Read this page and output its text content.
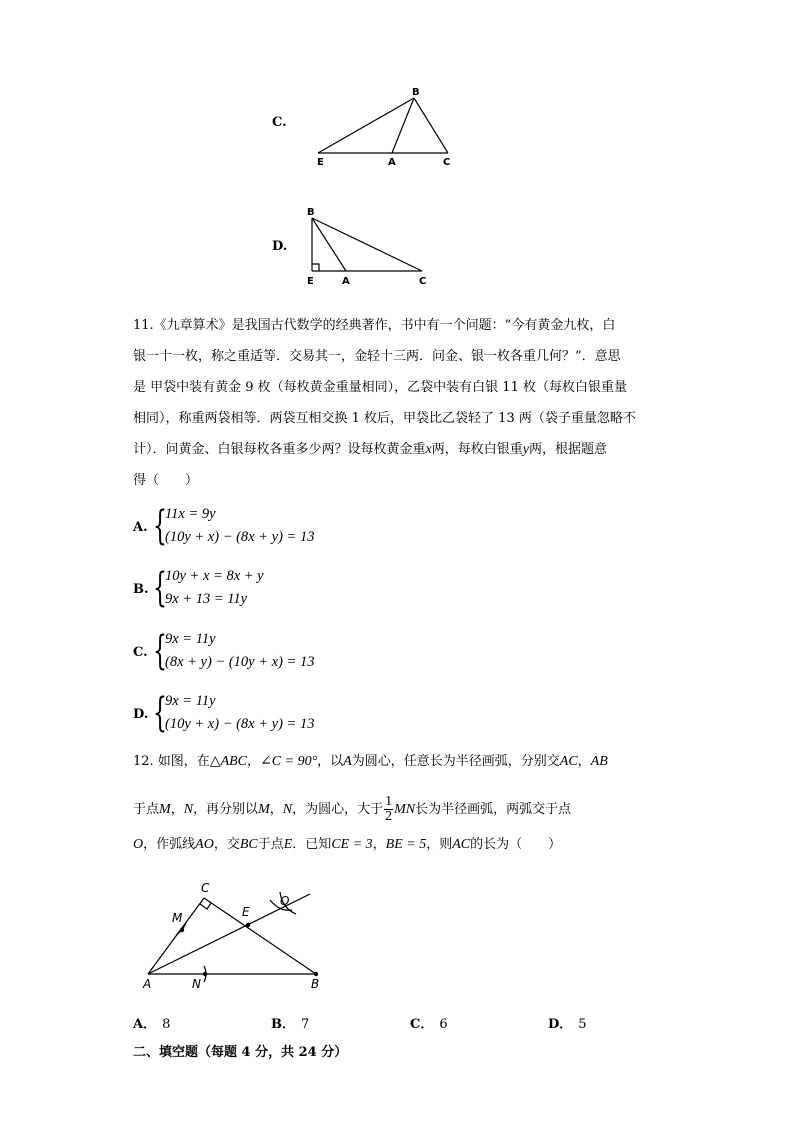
C.
B
E	A	C
D.
B
E	A	C
11.《九章算术》是我国古代数学的经典著作，书中有一个问题：“今有黄金九枚，白
银一十一枚，称之重适等．交易其一，金轻十三两．问金、银一枚各重几何？”．意思
是 甲袋中装有黄金 9 枚（每枚黄金重量相同），乙袋中装有白银 11 枚（每枚白银重量
相同），称重两袋相等．两袋互相交换 1 枚后，甲袋比乙袋轻了 13 两（袋子重量忽略不
计）．问黄金、白银每枚各重多少两？设每枚黄金重x两，每枚白银重y两，根据题意
得（　　）
A. {
11x = 9y
(10y + x) − (8x + y) = 13
B. {
10y + x = 8x + y
9x + 13 = 11y
C. {
9x = 11y
(8x + y) − (10y + x) = 13
D. {
9x = 11y
(10y + x) − (8x + y) = 13
12. 如图，在△ABC，∠C = 90°，以A为圆心，任意长为半径画弧，分别交AC，AB
于点M，N，再分别以M，N，为圆心，大于 $\frac{1}{2}$ MN长为半径画弧，两弧交于点
O，作弧线AO，交BC于点E．已知CE = 3，BE = 5，则AC的长为（　　）
C
M	E
O
A	N	B
A． 8	B． 7	C． 6	D． 5
二、填空题（每题 4 分，共 24 分）
